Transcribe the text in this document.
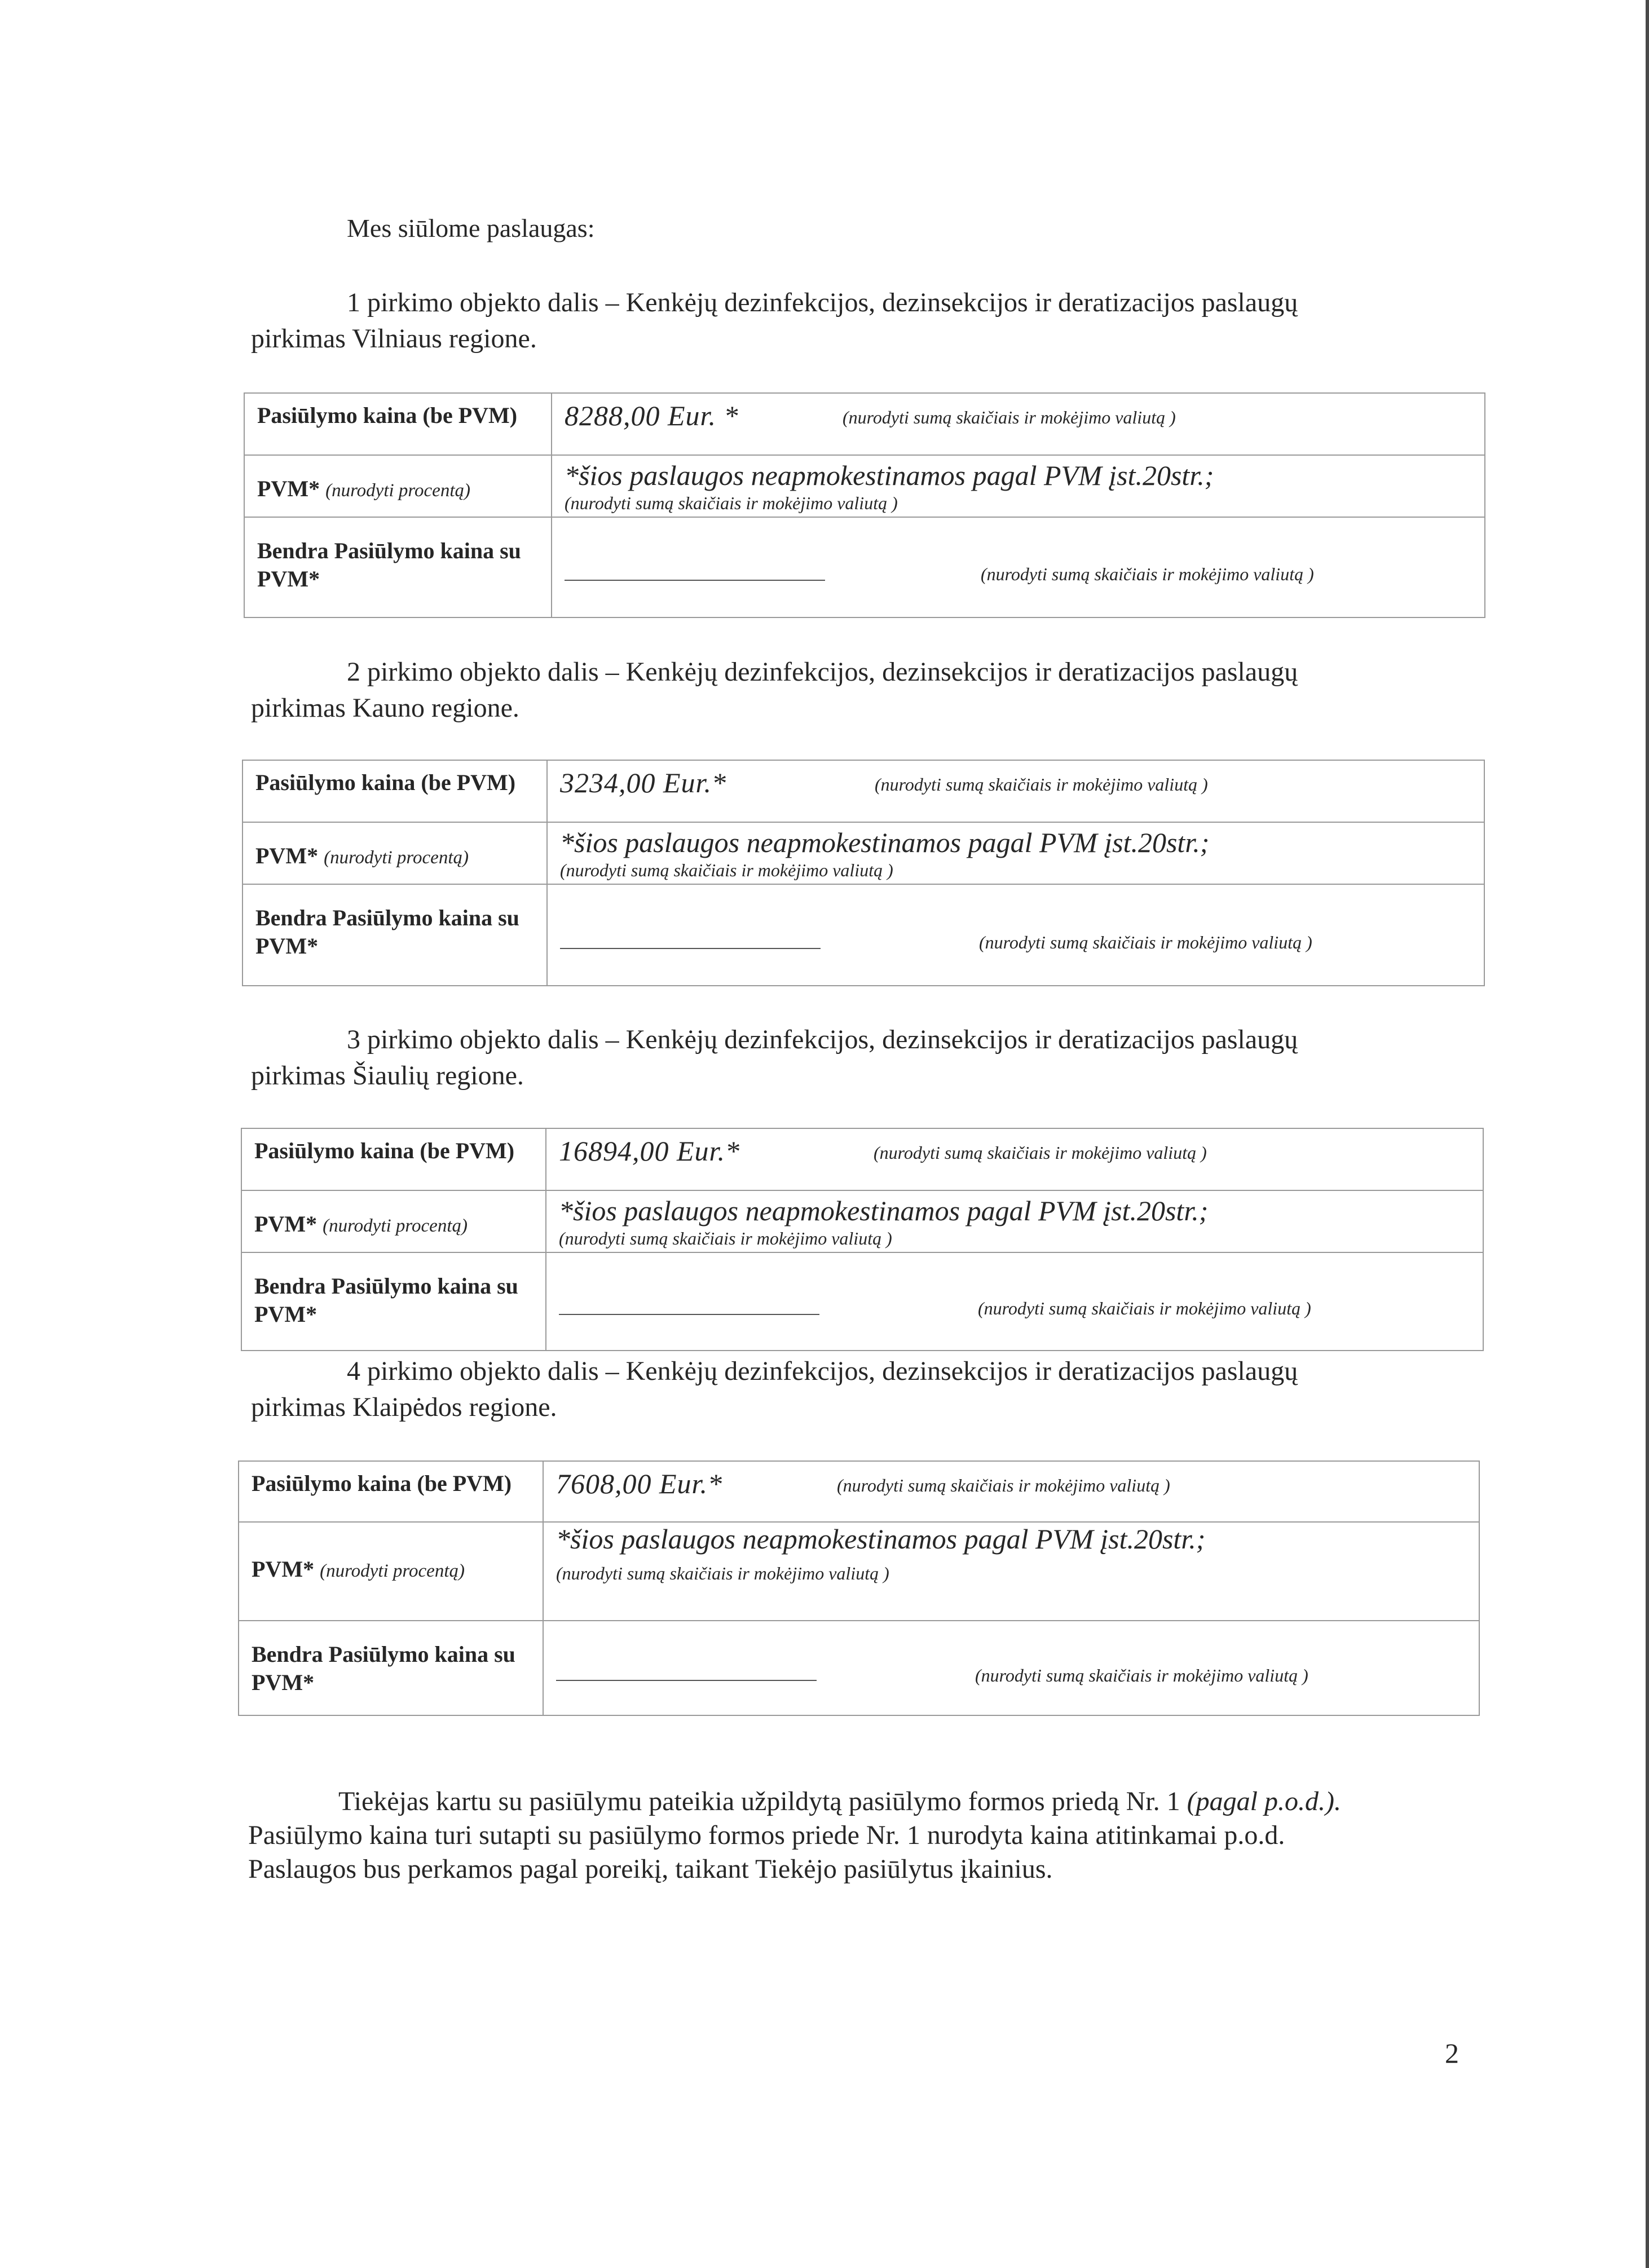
Mes siūlome paslaugas:
1 pirkimo objekto dalis – Kenkėjų dezinfekcijos, dezinsekcijos ir deratizacijos paslaugų
pirkimas Vilniaus regione.
Pasiūlymo kaina (be PVM)	8288,00 Eur. * (nurodyti sumą skaičiais ir mokėjimo valiutą )

PVM* (nurodyti procentą)	*šios paslaugos neapmokestinamos pagal PVM įst.20str.;
(nurodyti sumą skaičiais ir mokėjimo valiutą )

Bendra Pasiūlymo kaina su PVM*	(nurodyti sumą skaičiais ir mokėjimo valiutą )
2 pirkimo objekto dalis – Kenkėjų dezinfekcijos, dezinsekcijos ir deratizacijos paslaugų
pirkimas Kauno regione.
Pasiūlymo kaina (be PVM)	3234,00 Eur.* (nurodyti sumą skaičiais ir mokėjimo valiutą )

PVM* (nurodyti procentą)	*šios paslaugos neapmokestinamos pagal PVM įst.20str.;
(nurodyti sumą skaičiais ir mokėjimo valiutą )

Bendra Pasiūlymo kaina su PVM*	(nurodyti sumą skaičiais ir mokėjimo valiutą )
3 pirkimo objekto dalis – Kenkėjų dezinfekcijos, dezinsekcijos ir deratizacijos paslaugų
pirkimas Šiaulių regione.
Pasiūlymo kaina (be PVM)	16894,00 Eur.* (nurodyti sumą skaičiais ir mokėjimo valiutą )

PVM* (nurodyti procentą)	*šios paslaugos neapmokestinamos pagal PVM įst.20str.;
(nurodyti sumą skaičiais ir mokėjimo valiutą )

Bendra Pasiūlymo kaina su PVM*	(nurodyti sumą skaičiais ir mokėjimo valiutą )
4 pirkimo objekto dalis – Kenkėjų dezinfekcijos, dezinsekcijos ir deratizacijos paslaugų
pirkimas Klaipėdos regione.
Pasiūlymo kaina (be PVM)	7608,00 Eur.* (nurodyti sumą skaičiais ir mokėjimo valiutą )

PVM* (nurodyti procentą)	*šios paslaugos neapmokestinamos pagal PVM įst.20str.;
(nurodyti sumą skaičiais ir mokėjimo valiutą )

Bendra Pasiūlymo kaina su PVM*	(nurodyti sumą skaičiais ir mokėjimo valiutą )
Tiekėjas kartu su pasiūlymu pateikia užpildytą pasiūlymo formos priedą Nr. 1 (pagal p.o.d.).
Pasiūlymo kaina turi sutapti su pasiūlymo formos priede Nr. 1 nurodyta kaina atitinkamai p.o.d.
Paslaugos bus perkamos pagal poreikį, taikant Tiekėjo pasiūlytus įkainius.
2
